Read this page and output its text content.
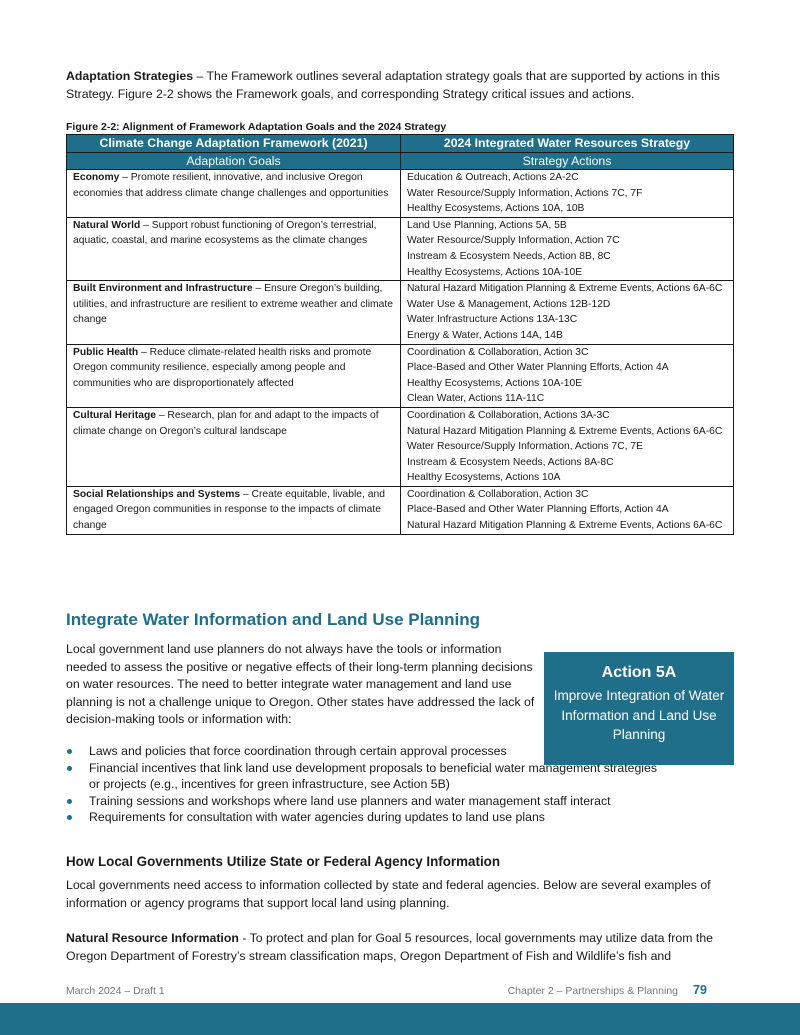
Adaptation Strategies – The Framework outlines several adaptation strategy goals that are supported by actions in this Strategy. Figure 2-2 shows the Framework goals, and corresponding Strategy critical issues and actions.
Figure 2-2: Alignment of Framework Adaptation Goals and the 2024 Strategy
Climate Change Adaptation Framework (2021)	2024 Integrated Water Resources Strategy
Adaptation Goals	Strategy Actions
Economy – Promote resilient, innovative, and inclusive Oregon economies that address climate change challenges and opportunities	Education & Outreach, Actions 2A-2C
Water Resource/Supply Information, Actions 7C, 7F
Healthy Ecosystems, Actions 10A, 10B

Natural World – Support robust functioning of Oregon’s terrestrial, aquatic, coastal, and marine ecosystems as the climate changes	Land Use Planning, Actions 5A, 5B
Water Resource/Supply Information, Action 7C
Instream & Ecosystem Needs, Action 8B, 8C
Healthy Ecosystems, Actions 10A-10E

Built Environment and Infrastructure – Ensure Oregon’s building, utilities, and infrastructure are resilient to extreme weather and climate change	Natural Hazard Mitigation Planning & Extreme Events, Actions 6A-6C
Water Use & Management, Actions 12B-12D
Water Infrastructure Actions 13A-13C
Energy & Water, Actions 14A, 14B

Public Health – Reduce climate-related health risks and promote Oregon community resilience, especially among people and communities who are disproportionately affected	Coordination & Collaboration, Action 3C
Place-Based and Other Water Planning Efforts, Action 4A
Healthy Ecosystems, Actions 10A-10E
Clean Water, Actions 11A-11C

Cultural Heritage – Research, plan for and adapt to the impacts of climate change on Oregon’s cultural landscape	Coordination & Collaboration, Actions 3A-3C
Natural Hazard Mitigation Planning & Extreme Events, Actions 6A-6C
Water Resource/Supply Information, Actions 7C, 7E
Instream & Ecosystem Needs, Actions 8A-8C
Healthy Ecosystems, Actions 10A

Social Relationships and Systems – Create equitable, livable, and engaged Oregon communities in response to the impacts of climate change	Coordination & Collaboration, Action 3C
Place-Based and Other Water Planning Efforts, Action 4A
Natural Hazard Mitigation Planning & Extreme Events, Actions 6A-6C
Integrate Water Information and Land Use Planning
Local government land use planners do not always have the tools or information needed to assess the positive or negative effects of their long-term planning decisions on water resources. The need to better integrate water management and land use planning is not a challenge unique to Oregon. Other states have addressed the lack of decision-making tools or information with:
Action 5A
Improve Integration of Water Information and Land Use Planning
Laws and policies that force coordination through certain approval processes
Financial incentives that link land use development proposals to beneficial water management strategies or projects (e.g., incentives for green infrastructure, see Action 5B)
Training sessions and workshops where land use planners and water management staff interact
Requirements for consultation with water agencies during updates to land use plans
How Local Governments Utilize State or Federal Agency Information
Local governments need access to information collected by state and federal agencies. Below are several examples of information or agency programs that support local land using planning.
Natural Resource Information - To protect and plan for Goal 5 resources, local governments may utilize data from the Oregon Department of Forestry’s stream classification maps, Oregon Department of Fish and Wildlife’s fish and
March 2024 – Draft 1	Chapter 2 – Partnerships & Planning	79
